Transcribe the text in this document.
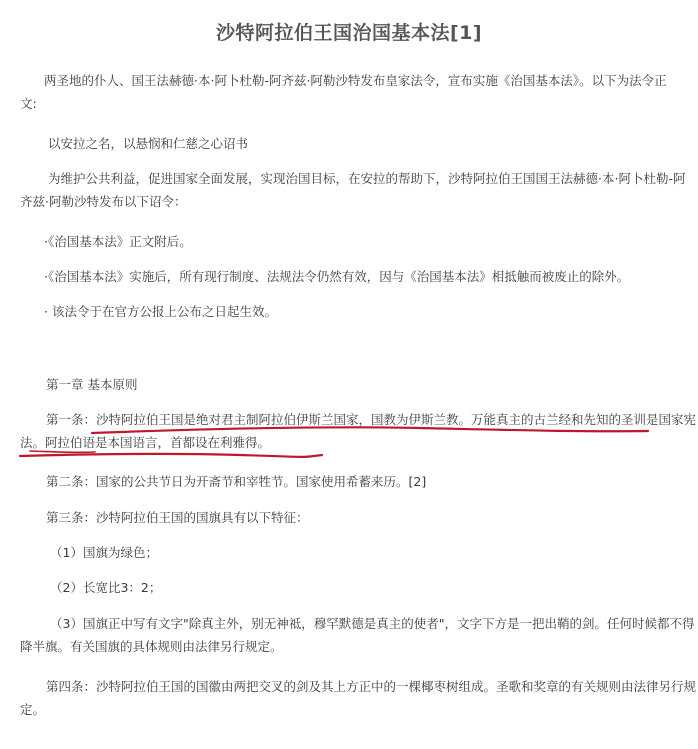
沙特阿拉伯王国治国基本法[1]
两圣地的仆人、国王法赫德·本·阿卜杜勒-阿齐兹·阿勒沙特发布皇家法令，宣布实施《治国基本法》。以下为法令正
文:
以安拉之名，以悬悯和仁慈之心诏书
为维护公共利益，促进国家全面发展，实现治国目标，在安拉的帮助下，沙特阿拉伯王国国王法赫德·本·阿卜杜勒-阿
齐兹·阿勒沙特发布以下诏令：
·《治国基本法》正文附后。
·《治国基本法》实施后，所有现行制度、法规法令仍然有效，因与《治国基本法》相抵触而被废止的除外。
· 该法令于在官方公报上公布之日起生效。
第一章 基本原则
第一条：沙特阿拉伯王国是绝对君主制阿拉伯伊斯兰国家，国教为伊斯兰教。万能真主的古兰经和先知的圣训是国家宪
法。阿拉伯语是本国语言，首都设在利雅得。
第二条：国家的公共节日为开斋节和宰牲节。国家使用希蓄来历。[2]
第三条：沙特阿拉伯王国的国旗具有以下特征：
（1）国旗为绿色；
（2）长宽比3：2；
（3）国旗正中写有文字"除真主外，别无神祗，穆罕默德是真主的使者"，文字下方是一把出鞘的剑。任何时候都不得
降半旗。有关国旗的具体规则由法律另行规定。
第四条：沙特阿拉伯王国的国徽由两把交叉的剑及其上方正中的一棵椰枣树组成。圣歌和奖章的有关规则由法律另行规
定。
